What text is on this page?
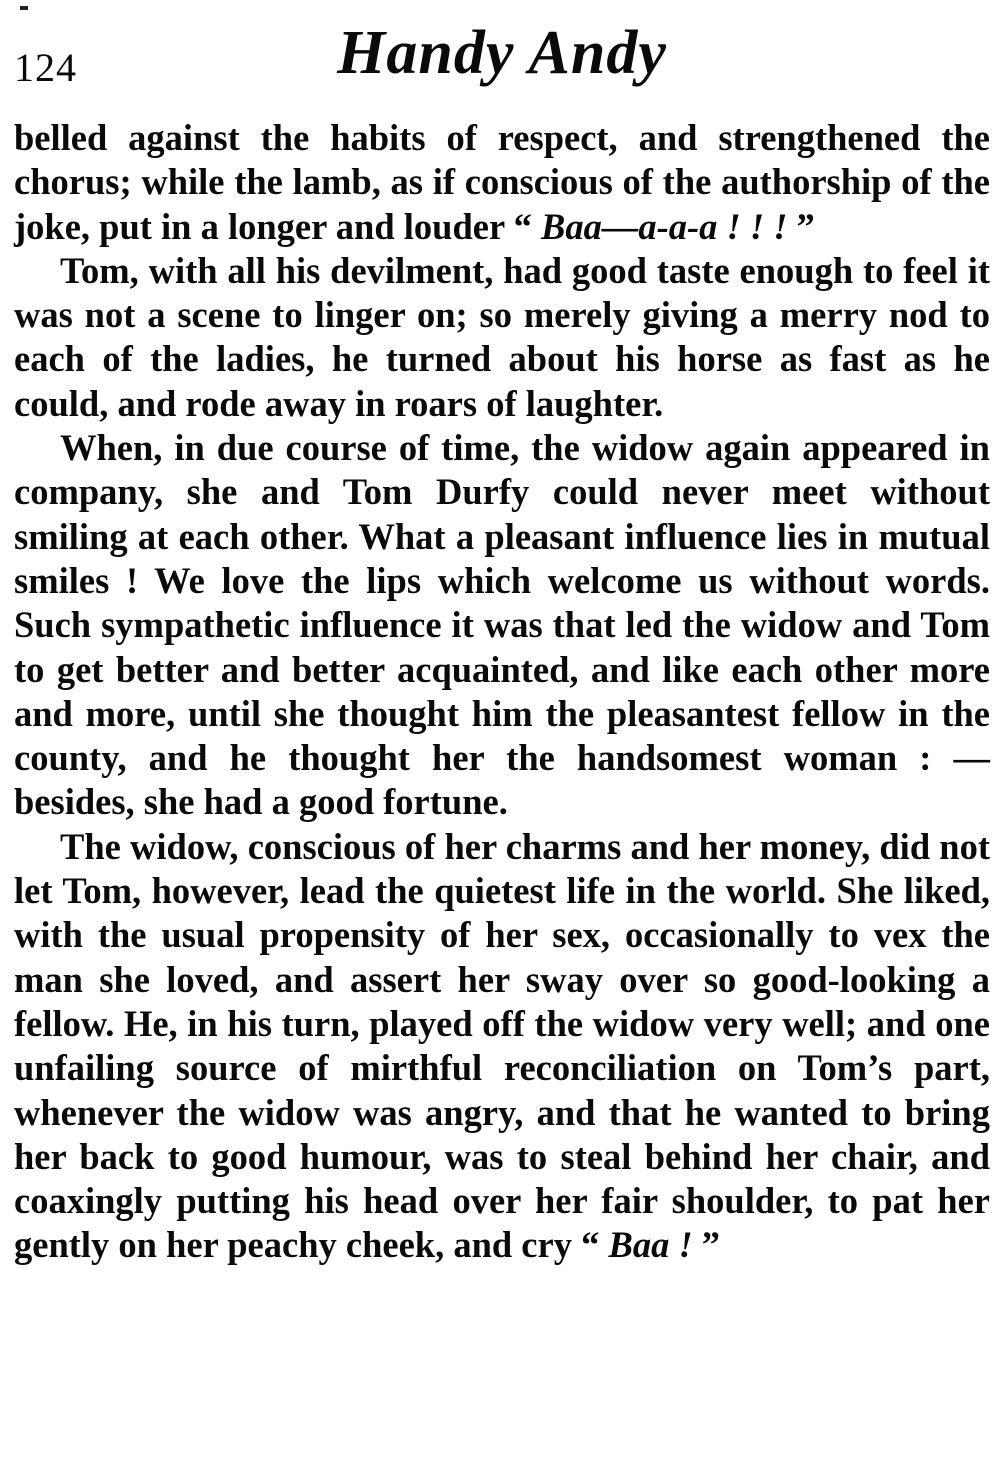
124	Handy Andy

belled against the habits of respect, and strengthened the chorus; while the lamb, as if conscious of the authorship of the joke, put in a longer and louder “ Baa—a-a-a ! ! ! ”

Tom, with all his devilment, had good taste enough to feel it was not a scene to linger on; so merely giving a merry nod to each of the ladies, he turned about his horse as fast as he could, and rode away in roars of laughter.

When, in due course of time, the widow again appeared in company, she and Tom Durfy could never meet without smiling at each other. What a pleasant influence lies in mutual smiles ! We love the lips which welcome us without words. Such sympathetic influence it was that led the widow and Tom to get better and better acquainted, and like each other more and more, until she thought him the pleasantest fellow in the county, and he thought her the handsomest woman : — besides, she had a good fortune.

The widow, conscious of her charms and her money, did not let Tom, however, lead the quietest life in the world. She liked, with the usual propensity of her sex, occasionally to vex the man she loved, and assert her sway over so good-looking a fellow. He, in his turn, played off the widow very well; and one unfailing source of mirthful reconciliation on Tom’s part, whenever the widow was angry, and that he wanted to bring her back to good humour, was to steal behind her chair, and coaxingly putting his head over her fair shoulder, to pat her gently on her peachy cheek, and cry “ Baa ! ”
